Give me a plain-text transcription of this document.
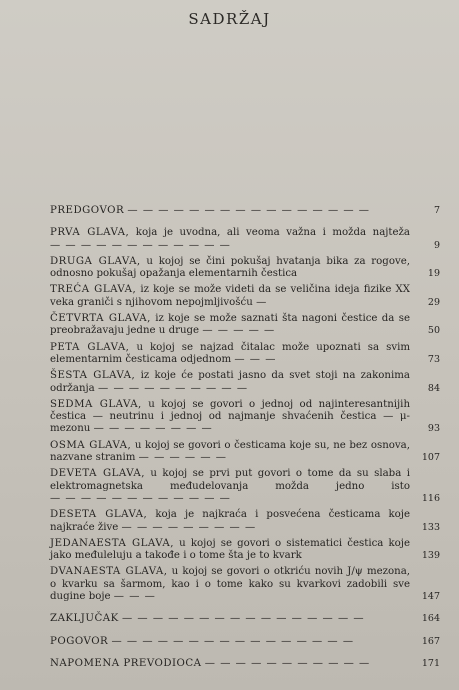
SADRŽAJ
PREDGOVOR — — — — — — — — — — — — — — — —	7
PRVA GLAVA, koja je uvodna, ali veoma važna i možda najteža — — — — — — — — — — — —	9
DRUGA GLAVA, u kojoj se čini pokušaj hvatanja bika za rogove, odnosno pokušaj opažanja elementarnih čestica	19
TREĆA GLAVA, iz koje se može videti da se veličina ideja fizike XX veka graniči s njihovom nepojmljivošću —	29
ČETVRTA GLAVA, iz koje se može saznati šta nagoni čestice da se preobražavaju jedne u druge — — — — —	50
PETA GLAVA, u kojoj se najzad čitalac može upoznati sa svim elementarnim česticama odjednom — — —	73
ŠESTA GLAVA, iz koje će postati jasno da svet stoji na zakonima održanja — — — — — — — — — —	84
SEDMA GLAVA, u kojoj se govori o jednoj od najinteresantnijih čestica — neutrinu i jednoj od najmanje shvaćenih čestica — μ-mezonu — — — — — — — —	93
OSMA GLAVA, u kojoj se govori o česticama koje su, ne bez osnova, nazvane stranim — — — — — —	107
DEVETA GLAVA, u kojoj se prvi put govori o tome da su slaba i elektromagnetska međudelovanja možda jedno isto — — — — — — — — — — — —	116
DESETA GLAVA, koja je najkraća i posvećena česticama koje najkraće žive — — — — — — — — —	133
JEDANAESTA GLAVA, u kojoj se govori o sistematici čestica koje jako međuleluju a takođe i o tome šta je to kvark	139
DVANAESTA GLAVA, u kojoj se govori o otkriću novih J/ψ mezona, o kvarku sa šarmom, kao i o tome kako su kvarkovi zadobili sve dugine boje — — —	147
ZAKLJUČAK — — — — — — — — — — — — — — — —	164
POGOVOR — — — — — — — — — — — — — — — —	167
NAPOMENA PREVODIOCA — — — — — — — — — — —	171
